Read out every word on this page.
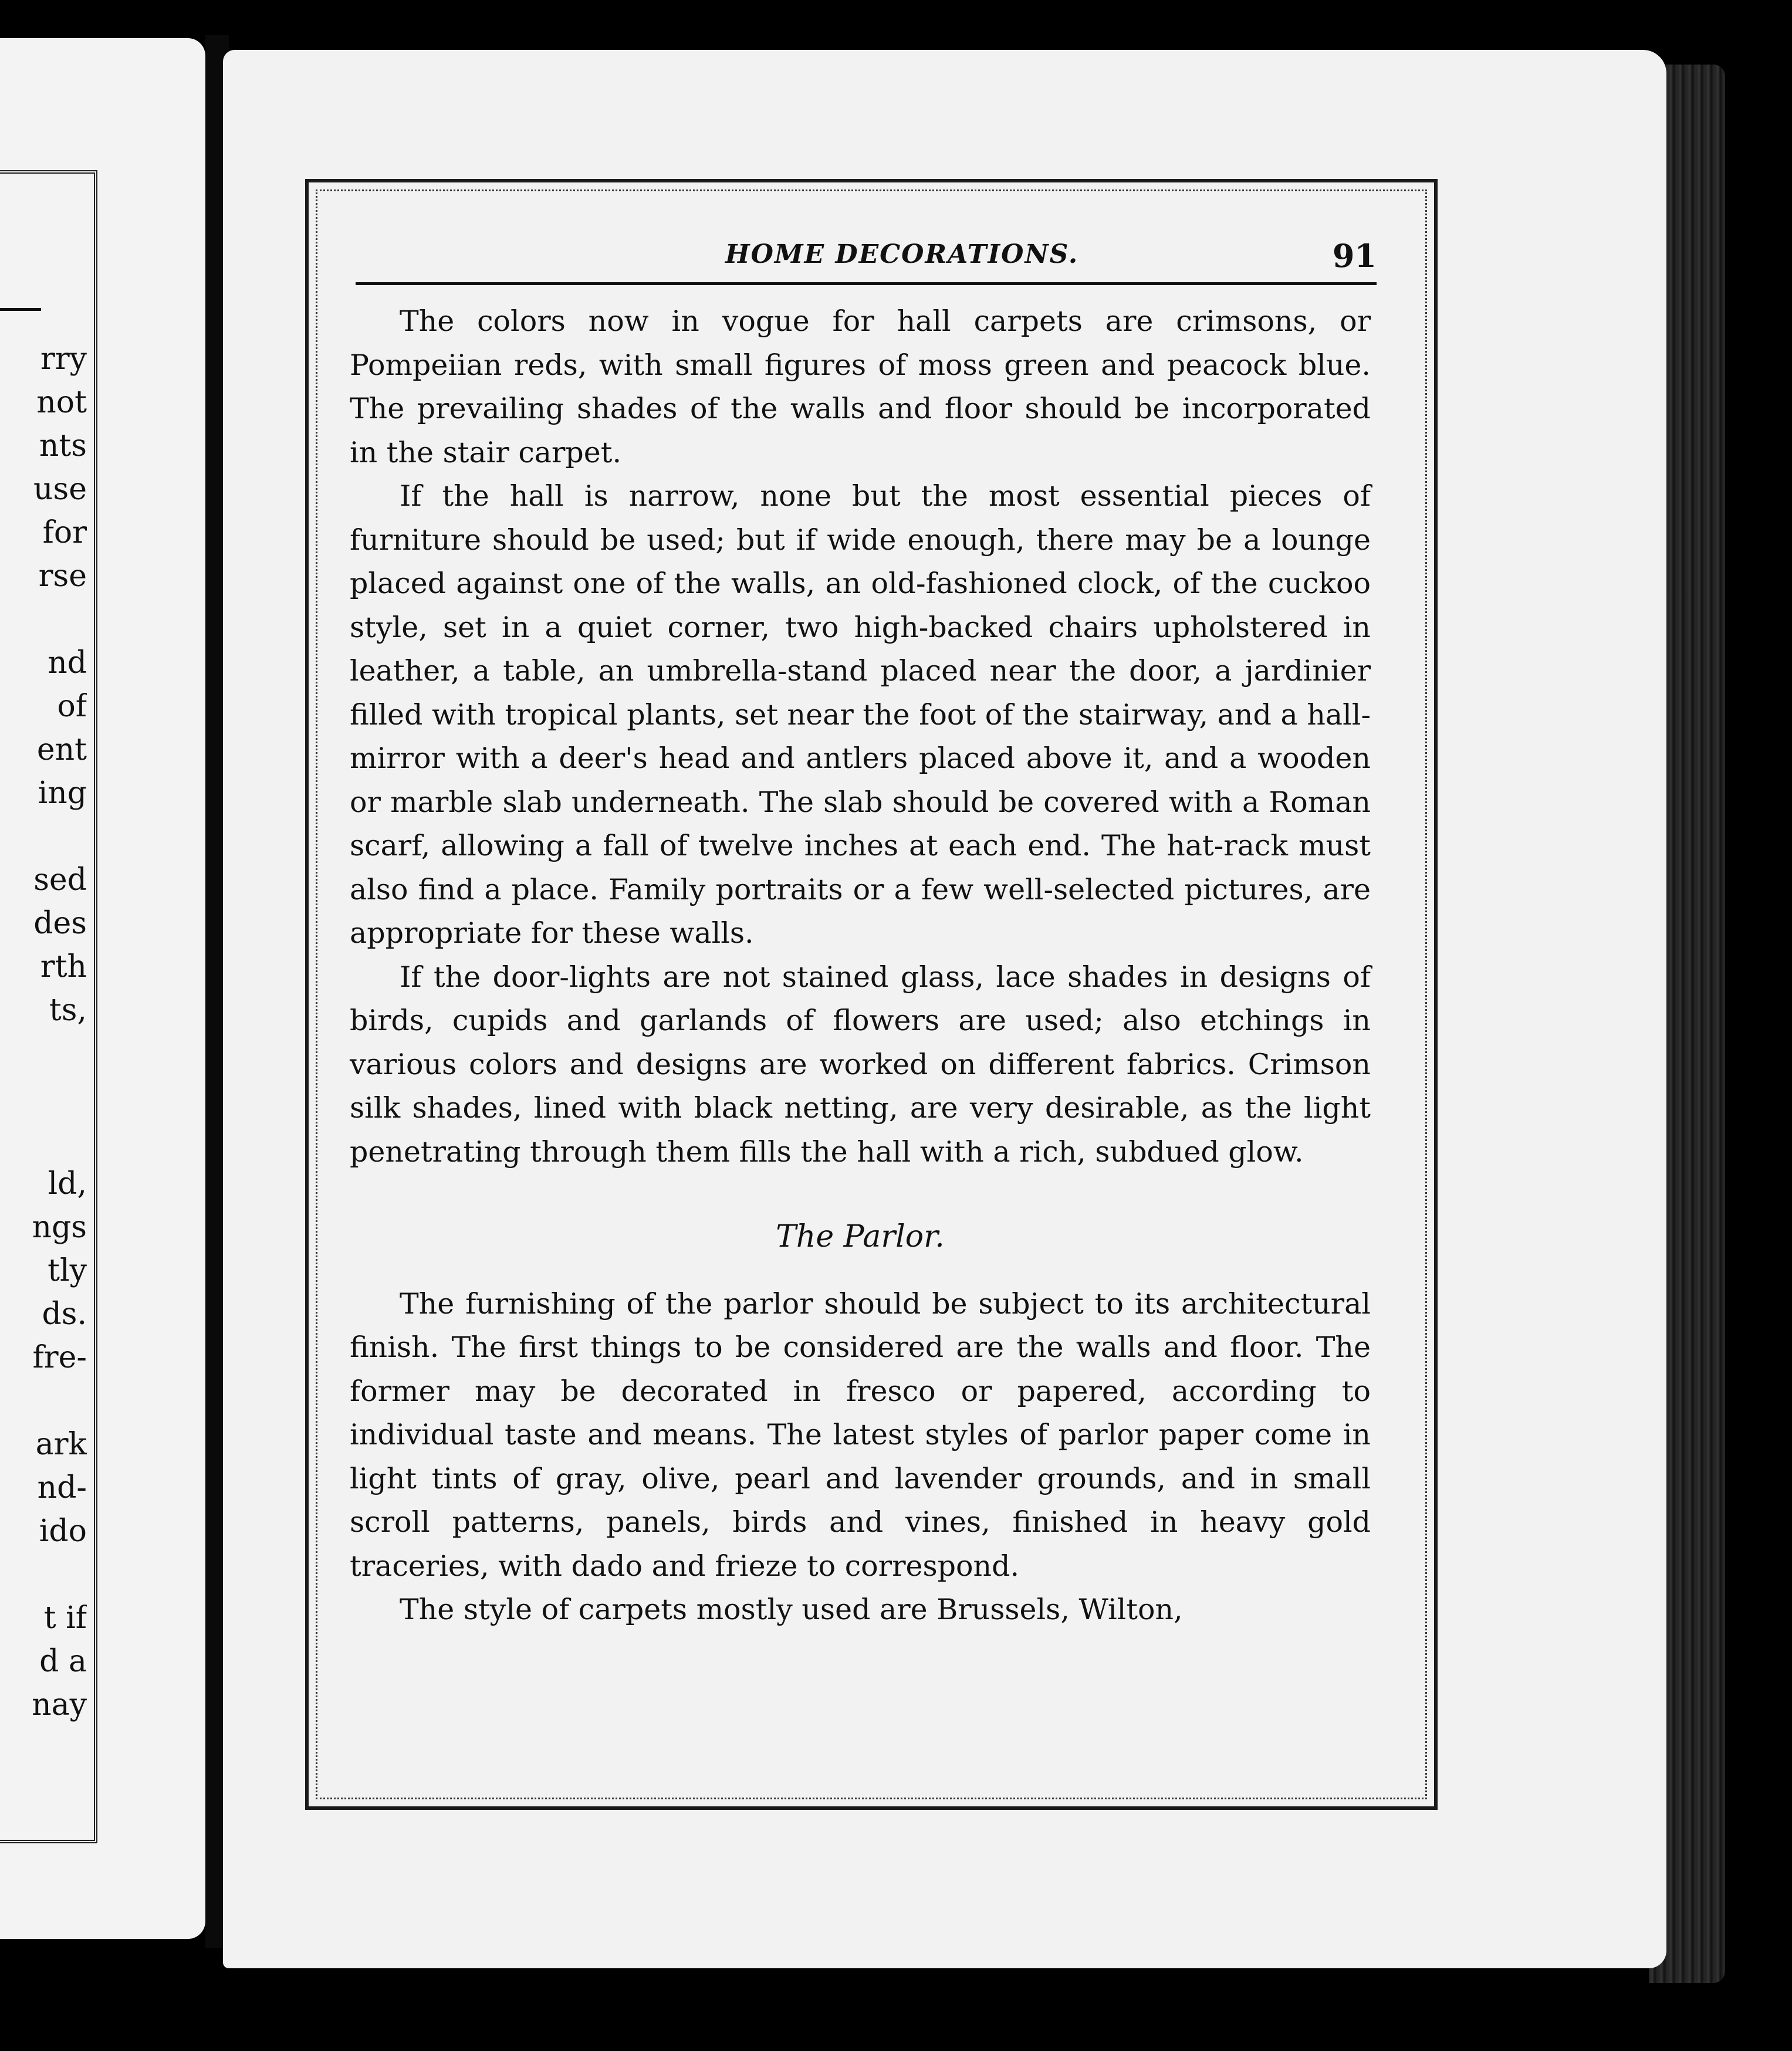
rry
not
nts
use
for
rse
nd
of
ent
ing
sed
des
rth
ts,
ld,
ngs
tly
ds.
fre-
ark
nd-
ido
t if
d a
nay
HOME DECORATIONS.	91

The colors now in vogue for hall carpets are crimsons, or Pompeiian reds, with small figures of moss green and peacock blue. The prevailing shades of the walls and floor should be incorporated in the stair carpet.

If the hall is narrow, none but the most essential pieces of furniture should be used; but if wide enough, there may be a lounge placed against one of the walls, an old-fashioned clock, of the cuckoo style, set in a quiet corner, two high-backed chairs upholstered in leather, a table, an umbrella-stand placed near the door, a jardinier filled with tropical plants, set near the foot of the stairway, and a hall-mirror with a deer's head and antlers placed above it, and a wooden or marble slab underneath. The slab should be covered with a Roman scarf, allowing a fall of twelve inches at each end. The hat-rack must also find a place. Family portraits or a few well-selected pictures, are appropriate for these walls.

If the door-lights are not stained glass, lace shades in designs of birds, cupids and garlands of flowers are used; also etchings in various colors and designs are worked on different fabrics. Crimson silk shades, lined with black netting, are very desirable, as the light penetrating through them fills the hall with a rich, subdued glow.

The Parlor.

The furnishing of the parlor should be subject to its architectural finish. The first things to be considered are the walls and floor. The former may be decorated in fresco or papered, according to individual taste and means. The latest styles of parlor paper come in light tints of gray, olive, pearl and lavender grounds, and in small scroll patterns, panels, birds and vines, finished in heavy gold traceries, with dado and frieze to correspond.

The style of carpets mostly used are Brussels, Wilton,
